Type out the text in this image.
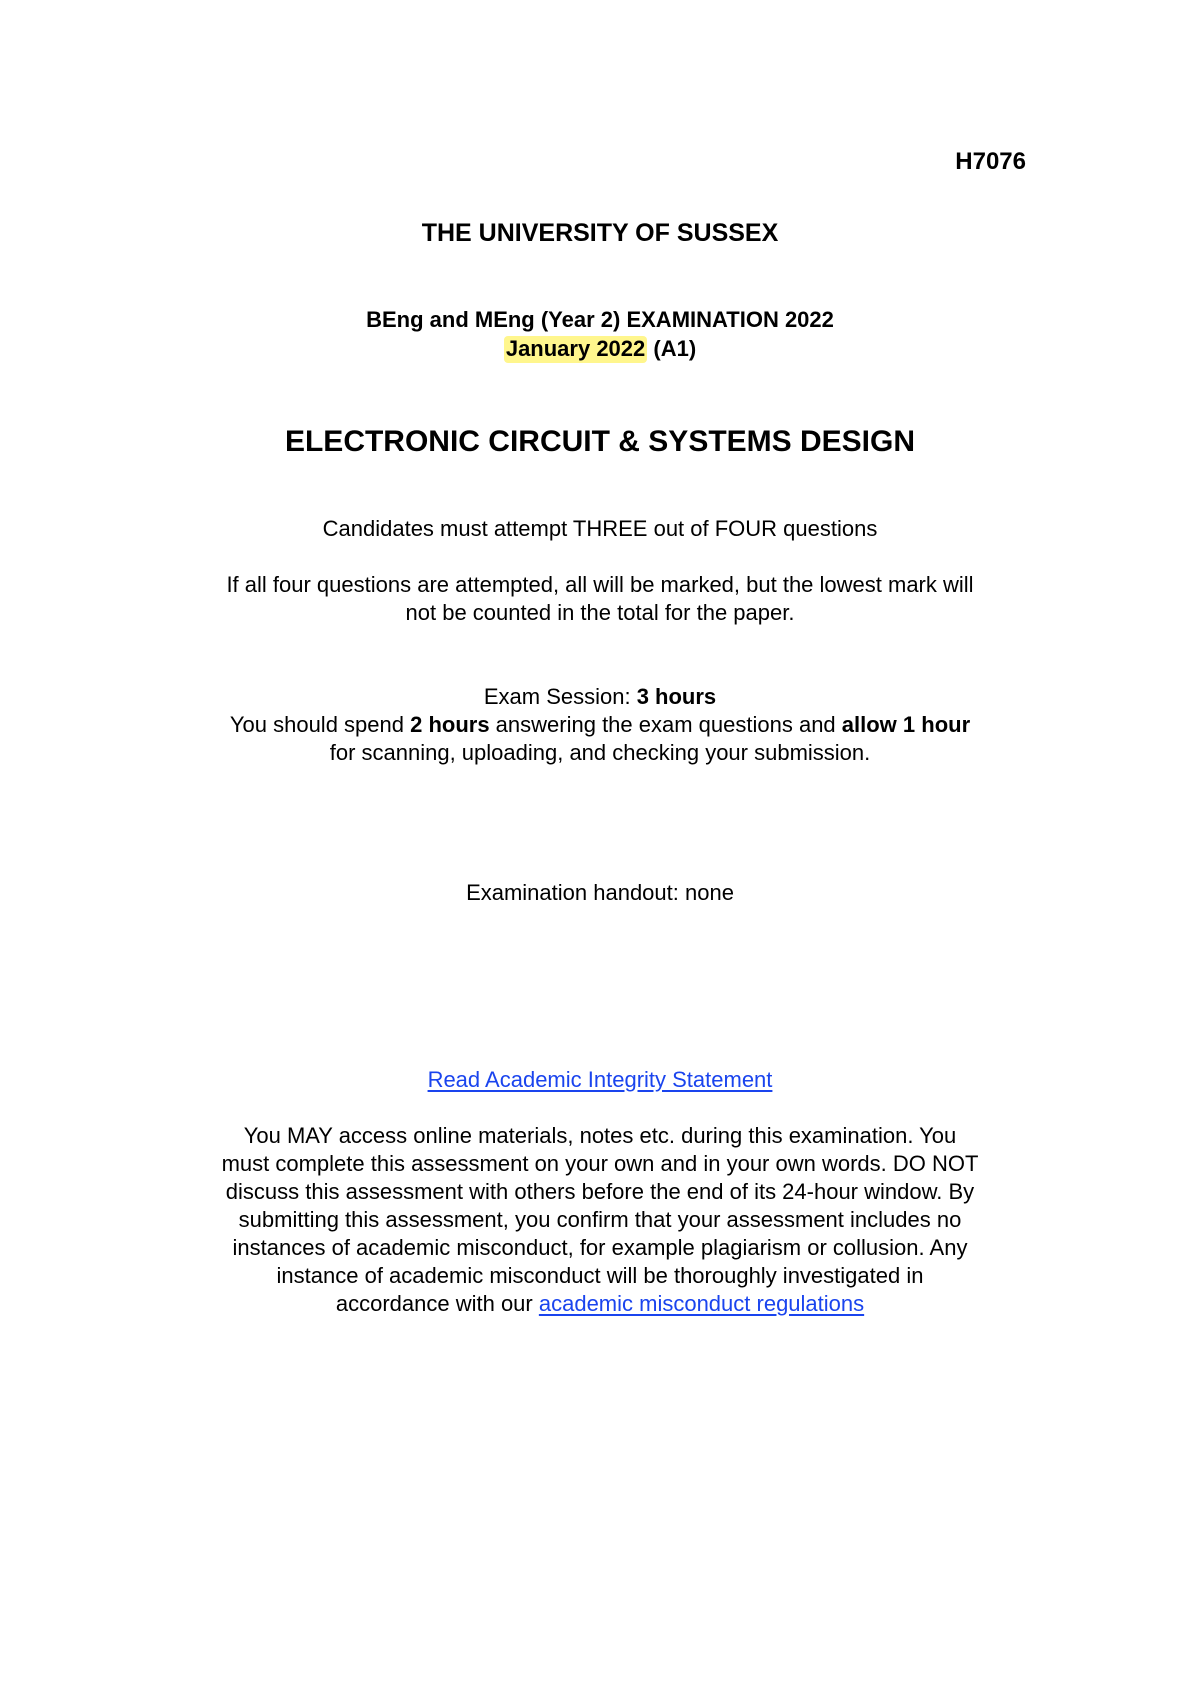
H7076
THE UNIVERSITY OF SUSSEX
BEng and MEng (Year 2) EXAMINATION 2022
January 2022 (A1)
ELECTRONIC CIRCUIT & SYSTEMS DESIGN
Candidates must attempt THREE out of FOUR questions
If all four questions are attempted, all will be marked, but the lowest mark will
not be counted in the total for the paper.
Exam Session: 3 hours
You should spend 2 hours answering the exam questions and allow 1 hour
for scanning, uploading, and checking your submission.
Examination handout: none
Read Academic Integrity Statement
You MAY access online materials, notes etc. during this examination. You
must complete this assessment on your own and in your own words. DO NOT
discuss this assessment with others before the end of its 24-hour window. By
submitting this assessment, you confirm that your assessment includes no
instances of academic misconduct, for example plagiarism or collusion. Any
instance of academic misconduct will be thoroughly investigated in
accordance with our academic misconduct regulations
